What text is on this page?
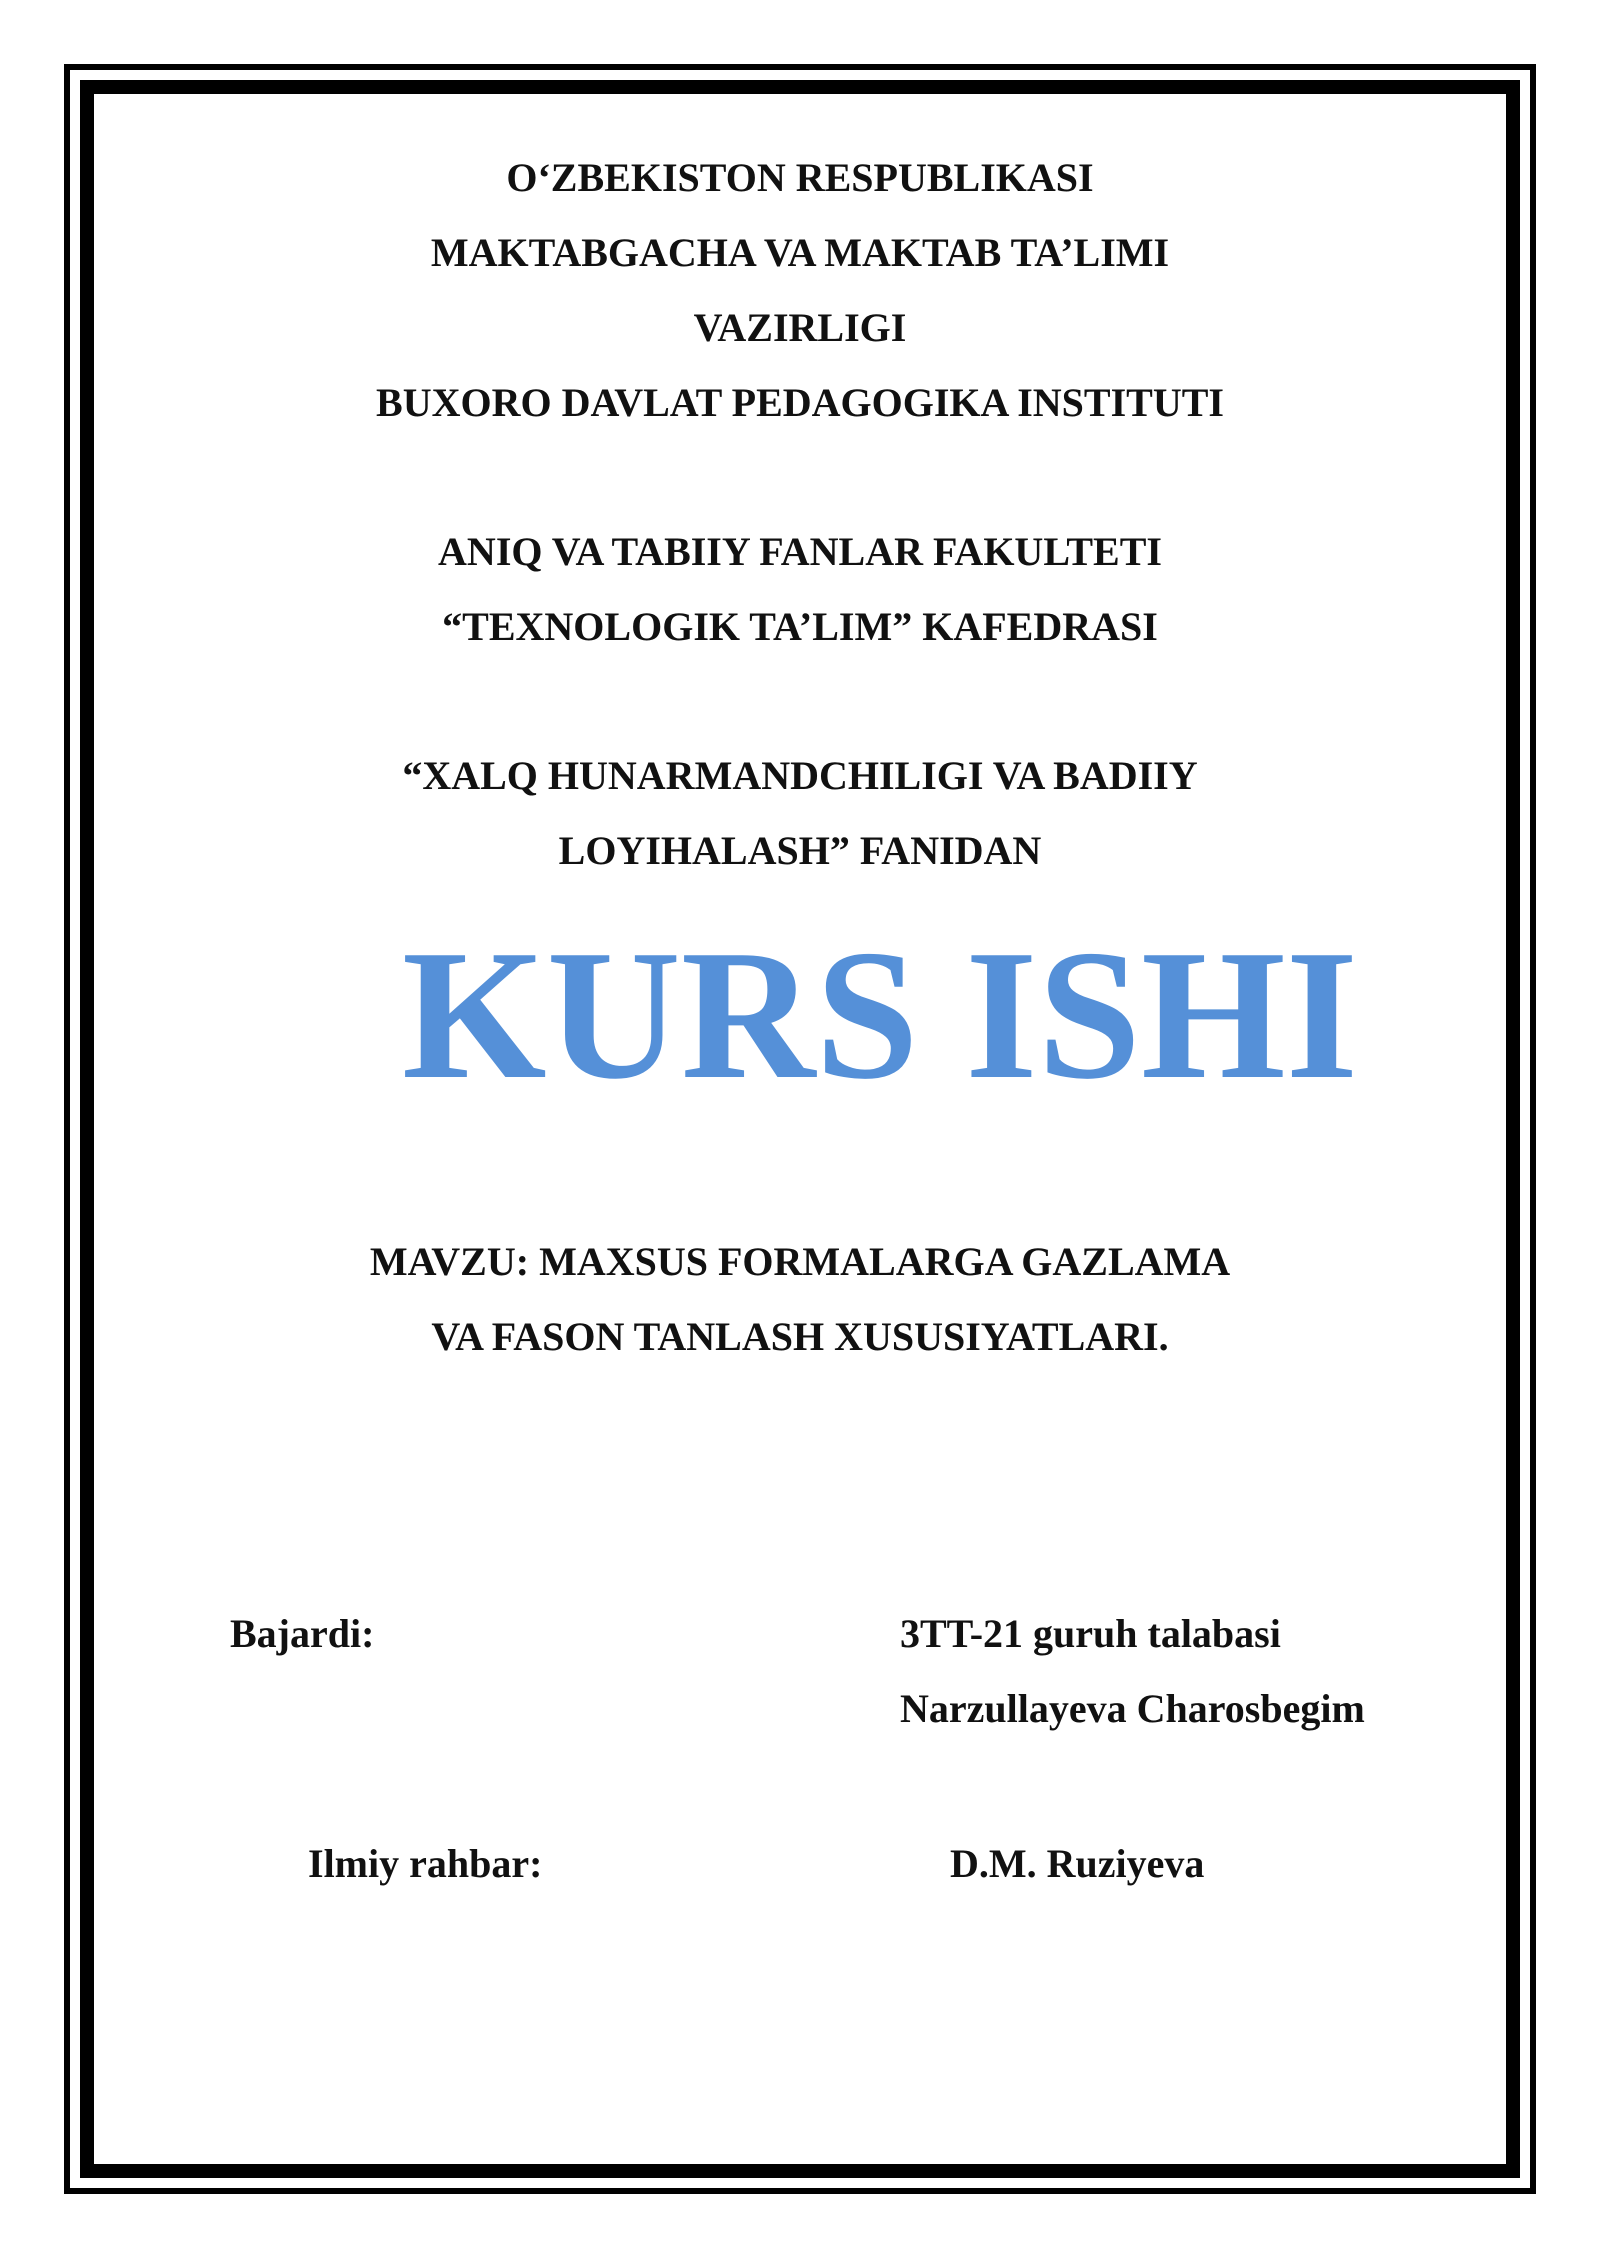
O‘ZBEKISTON RESPUBLIKASI
MAKTABGACHA VA MAKTAB TA’LIMI
VAZIRLIGI
BUXORO DAVLAT PEDAGOGIKA INSTITUTI
ANIQ VA TABIIY FANLAR FAKULTETI
“TEXNOLOGIK TA’LIM” KAFEDRASI
“XALQ HUNARMANDCHILIGI VA BADIIY
LOYIHALASH” FANIDAN
KURS ISHI
MAVZU: MAXSUS FORMALARGA GAZLAMA
VA FASON TANLASH XUSUSIYATLARI.
Bajardi:	3TT-21 guruh talabasi
Narzullayeva Charosbegim
Ilmiy rahbar:	D.M. Ruziyeva
